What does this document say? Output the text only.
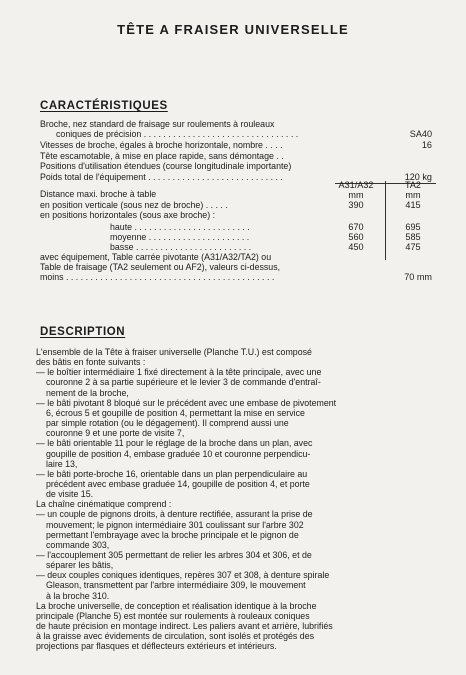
TÊTE A FRAISER UNIVERSELLE
CARACTÉRISTIQUES
Broche, nez standard de fraisage sur roulements à rouleaux
coniques de précision . . . . . . . . . . . . . . . . . . . . . . . . . . . . . . . .	SA40
Vitesses de broche, égales à broche horizontale, nombre . . . .	16
Tête escamotable, à mise en place rapide, sans démontage . .
Positions d'utilisation étendues (course longitudinale importante)
Poids total de l'équipement . . . . . . . . . . . . . . . . . . . . . . . . . . . .	120 kg
A31/A32	TA2
Distance maxi. broche à table	mm	mm
en position verticale (sous nez de broche) . . . . .	390	415
en positions horizontales (sous axe broche) :
haute . . . . . . . . . . . . . . . . . . . . . . . .	670	695
moyenne . . . . . . . . . . . . . . . . . . . . .	560	585
basse . . . . . . . . . . . . . . . . . . . . . . . .	450	475
avec équipement, Table carrée pivotante (A31/A32/TA2) ou
Table de fraisage (TA2 seulement ou AF2), valeurs ci-dessus,
moins . . . . . . . . . . . . . . . . . . . . . . . . . . . . . . . . . . . . . . . . . . .	70 mm
DESCRIPTION
L'ensemble de la Tête à fraiser universelle (Planche T.U.) est composé
des bâtis en fonte suivants :
— le boîtier intermédiaire 1 fixé directement à la tête principale, avec une
couronne 2 à sa partie supérieure et le levier 3 de commande d'entraî-
nement de la broche,
— le bâti pivotant 8 bloqué sur le précédent avec une embase de pivotement
6, écrous 5 et goupille de position 4, permettant la mise en service
par simple rotation (ou le dégagement). Il comprend aussi une
couronne 9 et une porte de visite 7,
— le bâti orientable 11 pour le réglage de la broche dans un plan, avec
goupille de position 4, embase graduée 10 et couronne perpendicu-
laire 13,
— le bâti porte-broche 16, orientable dans un plan perpendiculaire au
précédent avec embase graduée 14, goupille de position 4, et porte
de visite 15.
La chaîne cinématique comprend :
— un couple de pignons droits, à denture rectifiée, assurant la prise de
mouvement; le pignon intermédiaire 301 coulissant sur l'arbre 302
permettant l'embrayage avec la broche principale et le pignon de
commande 303,
— l'accouplement 305 permettant de relier les arbres 304 et 306, et de
séparer les bâtis,
— deux couples coniques identiques, repères 307 et 308, à denture spirale
Gleason, transmettent par l'arbre intermédiaire 309, le mouvement
à la broche 310.
La broche universelle, de conception et réalisation identique à la broche
principale (Planche 5) est montée sur roulements à rouleaux coniques
de haute précision en montage indirect. Les paliers avant et arrière, lubrifiés
à la graisse avec évidements de circulation, sont isolés et protégés des
projections par flasques et déflecteurs extérieurs et intérieurs.
